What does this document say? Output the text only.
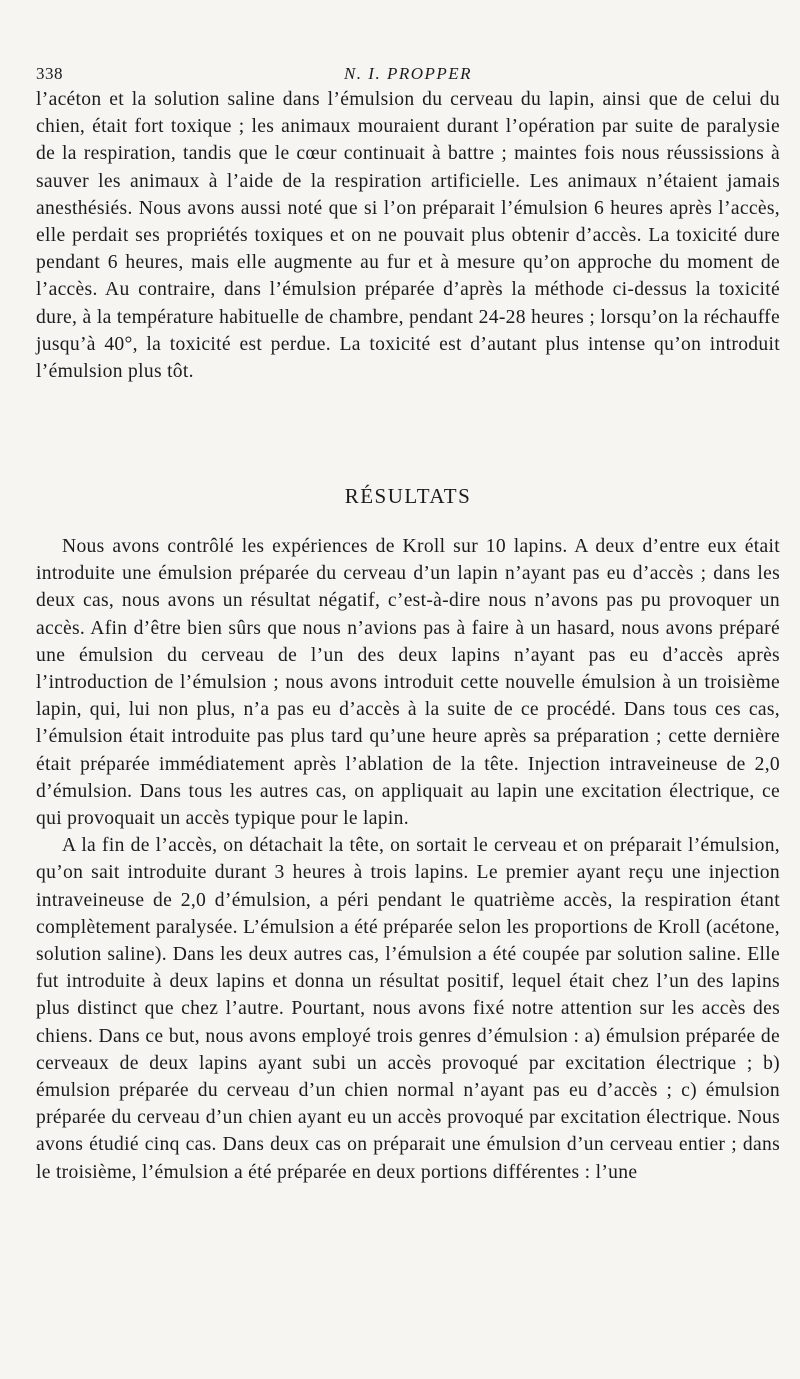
338	N. I. PROPPER

l’acéton et la solution saline dans l’émulsion du cerveau du lapin, ainsi que de celui du chien, était fort toxique ; les animaux mouraient durant l’opération par suite de paralysie de la respiration, tandis que le cœur continuait à battre ; maintes fois nous réussissions à sauver les animaux à l’aide de la respiration artificielle. Les animaux n’étaient jamais anesthésiés. Nous avons aussi noté que si l’on préparait l’émulsion 6 heures après l’accès, elle perdait ses propriétés toxiques et on ne pouvait plus obtenir d’accès. La toxicité dure pendant 6 heures, mais elle augmente au fur et à mesure qu’on approche du moment de l’accès. Au contraire, dans l’émulsion préparée d’après la méthode ci-dessus la toxicité dure, à la température habituelle de chambre, pendant 24-28 heures ; lorsqu’on la réchauffe jusqu’à 40°, la toxicité est perdue. La toxicité est d’autant plus intense qu’on introduit l’émulsion plus tôt.

RÉSULTATS

Nous avons contrôlé les expériences de Kroll sur 10 lapins. A deux d’entre eux était introduite une émulsion préparée du cerveau d’un lapin n’ayant pas eu d’accès ; dans les deux cas, nous avons un résultat négatif, c’est-à-dire nous n’avons pas pu provoquer un accès. Afin d’être bien sûrs que nous n’avions pas à faire à un hasard, nous avons préparé une émulsion du cerveau de l’un des deux lapins n’ayant pas eu d’accès après l’introduction de l’émulsion ; nous avons introduit cette nouvelle émulsion à un troisième lapin, qui, lui non plus, n’a pas eu d’accès à la suite de ce procédé. Dans tous ces cas, l’émulsion était introduite pas plus tard qu’une heure après sa préparation ; cette dernière était préparée immédiatement après l’ablation de la tête. Injection intraveineuse de 2,0 d’émulsion. Dans tous les autres cas, on appliquait au lapin une excitation électrique, ce qui provoquait un accès typique pour le lapin.

A la fin de l’accès, on détachait la tête, on sortait le cerveau et on préparait l’émulsion, qu’on sait introduite durant 3 heures à trois lapins. Le premier ayant reçu une injection intraveineuse de 2,0 d’émulsion, a péri pendant le quatrième accès, la respiration étant complètement paralysée. L’émulsion a été préparée selon les proportions de Kroll (acétone, solution saline). Dans les deux autres cas, l’émulsion a été coupée par solution saline. Elle fut introduite à deux lapins et donna un résultat positif, lequel était chez l’un des lapins plus distinct que chez l’autre. Pourtant, nous avons fixé notre attention sur les accès des chiens. Dans ce but, nous avons employé trois genres d’émulsion : a) émulsion préparée de cerveaux de deux lapins ayant subi un accès provoqué par excitation électrique ; b) émulsion préparée du cerveau d’un chien normal n’ayant pas eu d’accès ; c) émulsion préparée du cerveau d’un chien ayant eu un accès provoqué par excitation électrique. Nous avons étudié cinq cas. Dans deux cas on préparait une émulsion d’un cerveau entier ; dans le troisième, l’émulsion a été préparée en deux portions différentes : l’une
